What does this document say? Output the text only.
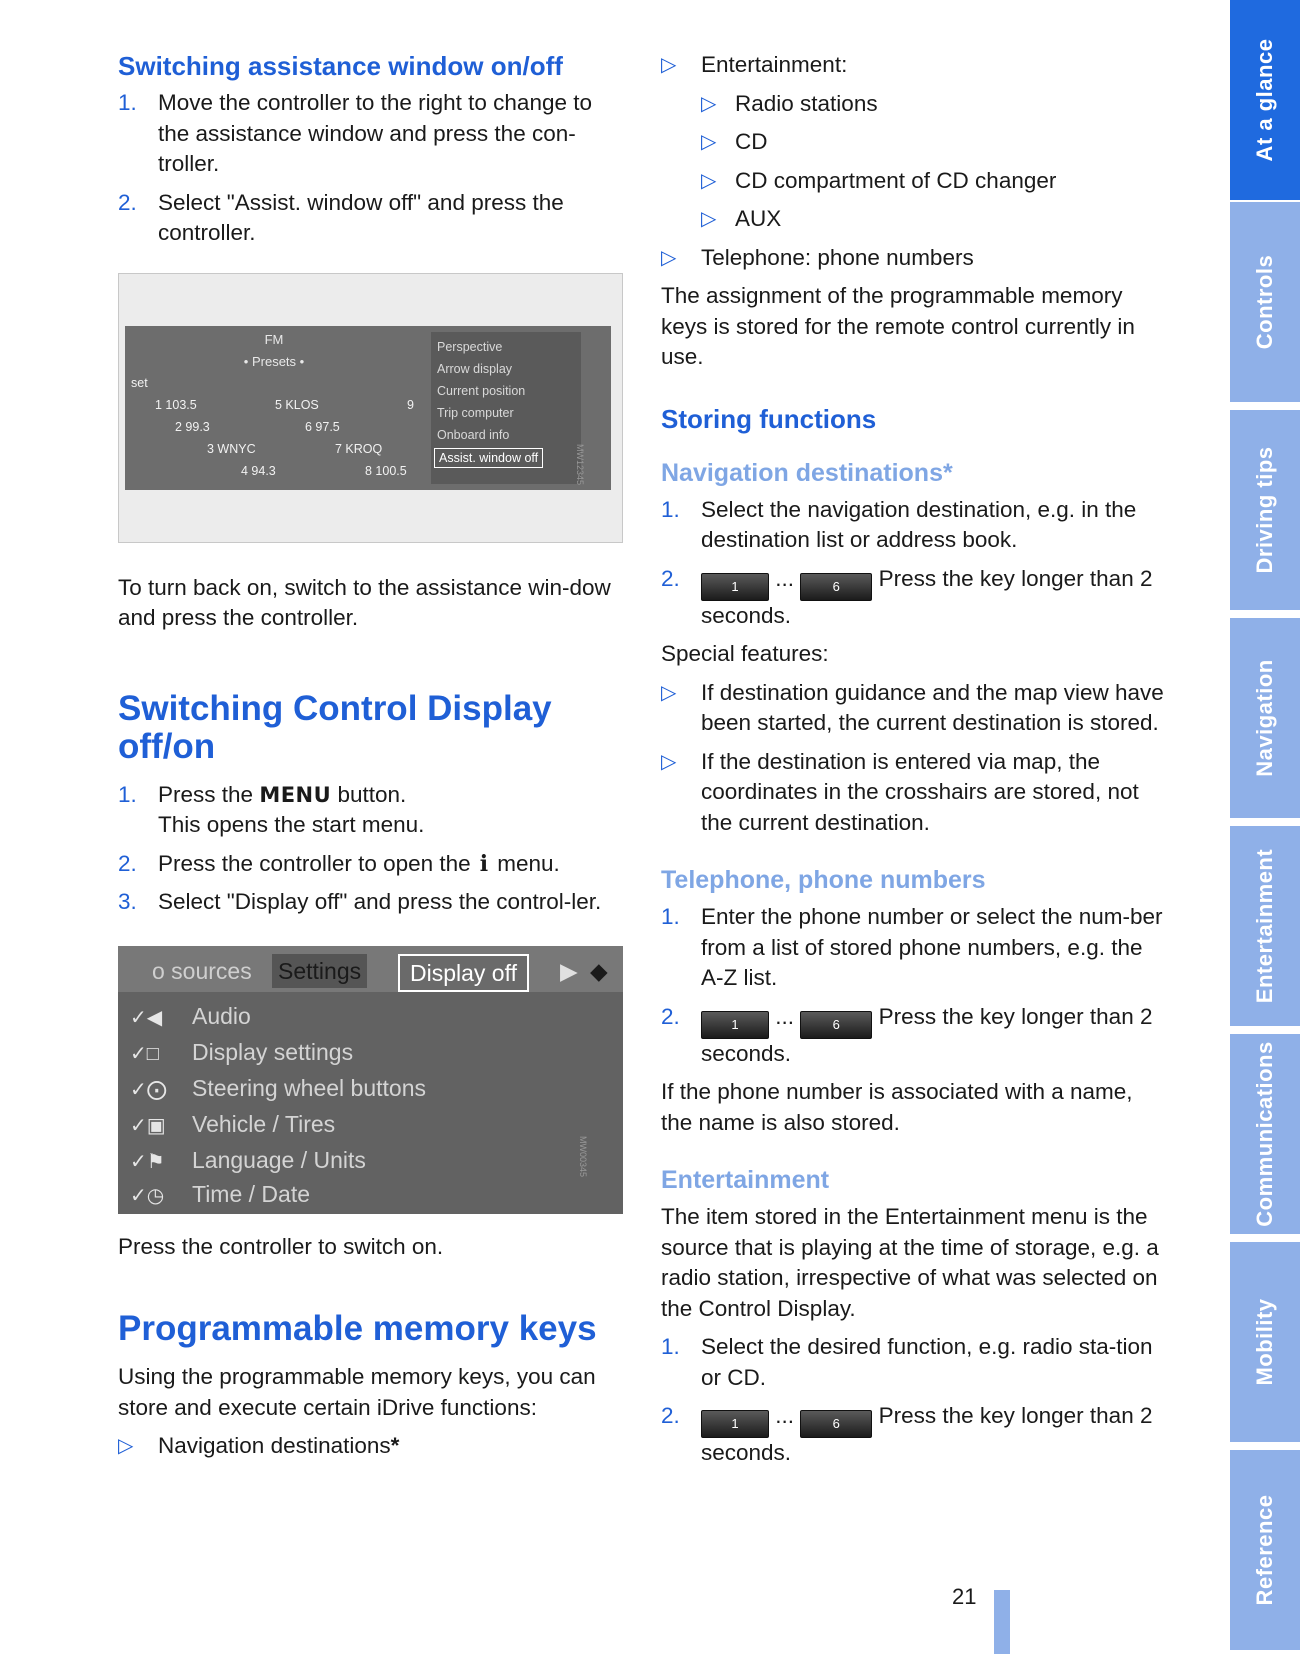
Switching assistance window on/off
1. Move the controller to the right to change to the assistance window and press the con-troller.
2. Select "Assist. window off" and press the controller.
FM
• Presets •
set
1 103.5	5 KLOS	9
2 99.3	6 97.5
3 WNYC	7 KROQ
4 94.3	8 100.5
Perspective
Arrow display
Current position
Trip computer
Onboard info
Assist. window off	MW12345

To turn back on, switch to the assistance win-dow and press the controller.

Switching Control Display off/on
1. Press the MENU button.
This opens the start menu.
2. Press the controller to open the i menu.
3. Select "Display off" and press the control-ler.
o sources Settings	Display off	▶ ◆
✓◀ Audio
✓□ Display settings
✓⨀ Steering wheel buttons
✓▣ Vehicle / Tires
✓⚑ Language / Units
✓◷ Time / Date
MW00345

Press the controller to switch on.

Programmable memory keys

Using the programmable memory keys, you can store and execute certain iDrive functions:

▷ Navigation destinations*
▷ Entertainment:
▷ Radio stations
▷ CD
▷ CD compartment of CD changer
▷ AUX
▷ Telephone: phone numbers

The assignment of the programmable memory keys is stored for the remote control currently in use.

Storing functions
Navigation destinations*
1. Select the navigation destination, e.g. in the destination list or address book.
2.	1 ...	6 Press the key longer than 2 seconds.

Special features:

▷ If destination guidance and the map view have been started, the current destination is stored.
▷ If the destination is entered via map, the coordinates in the crosshairs are stored, not the current destination.
Telephone, phone numbers
1. Enter the phone number or select the num-ber from a list of stored phone numbers, e.g. the A-Z list.
2.	1 ...	6 Press the key longer than 2 seconds.

If the phone number is associated with a name, the name is also stored.

Entertainment

The item stored in the Entertainment menu is the source that is playing at the time of storage, e.g. a radio station, irrespective of what was selected on the Control Display.

1. Select the desired function, e.g. radio sta-tion or CD.
2.	1 ...	6 Press the key longer than 2 seconds.
At a glance
Controls
Driving tips
Navigation
Entertainment
Communications
Mobility
Reference
21
